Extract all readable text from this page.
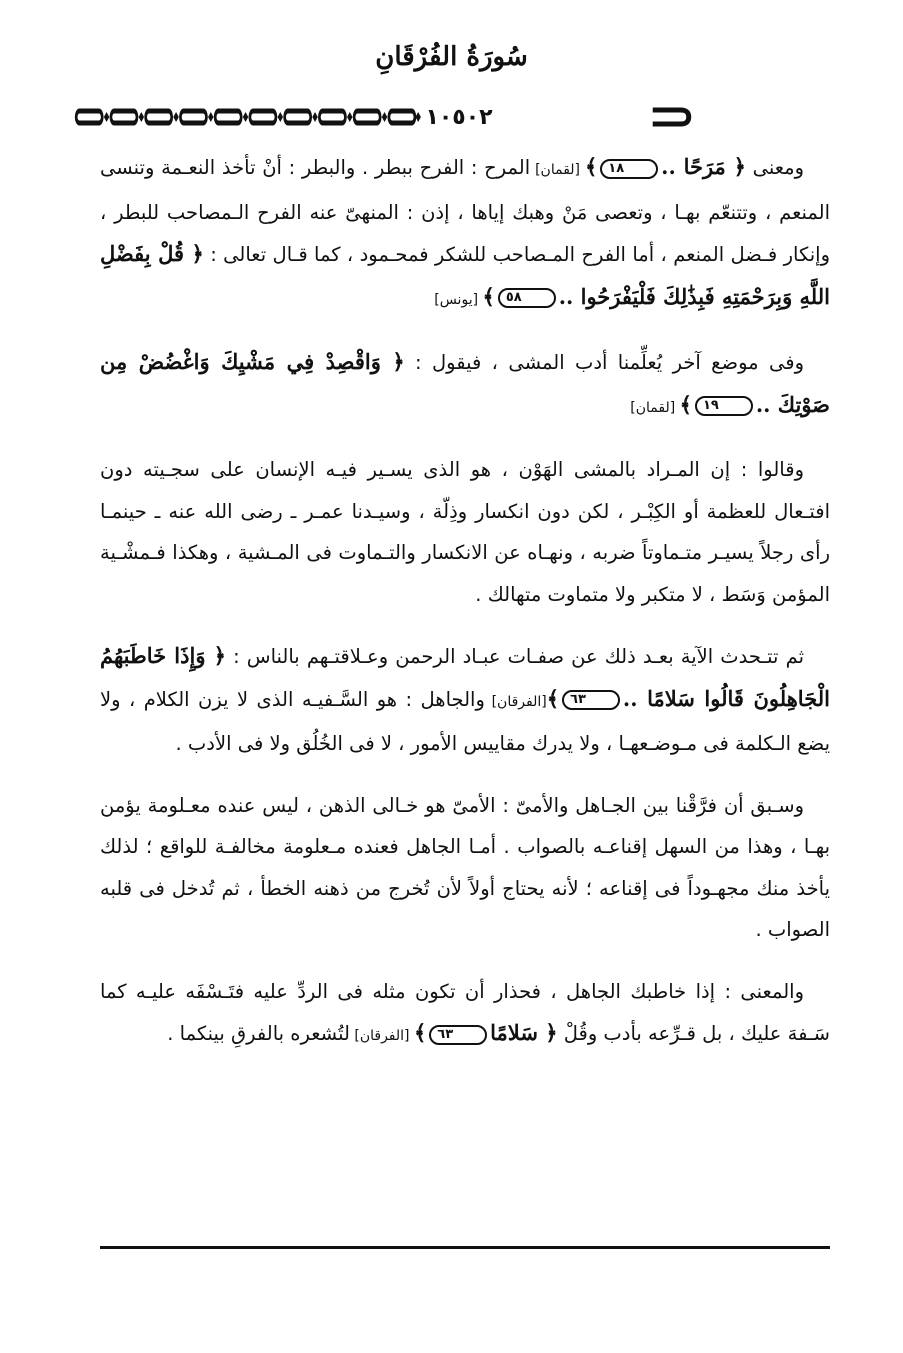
سُورَةُ الفُرْقَانِ
١٠٥٠٢

ومعنى ﴿ مَرَحًا ..١٨﴾ [لقمان] المرح : الفرح ببطر . والبطر : أنْ تأخذ النعـمة وتنسى المنعم ، وتتنعّم بهـا ، وتعصى مَنْ وهبك إياها ، إذن : المنهىّ عنه الفرح الـمصاحب للبطر ، وإنكار فـضل المنعم ، أما الفرح المـصاحب للشكر فمحـمود ، كما قـال تعالى : ﴿ قُلْ بِفَضْلِ اللَّهِ وَبِرَحْمَتِهِ فَبِذَٰلِكَ فَلْيَفْرَحُوا ..٥٨﴾ [يونس]

وفى موضع آخر يُعلِّمنا أدب المشى ، فيقول : ﴿ وَاقْصِدْ فِي مَشْيِكَ وَاغْضُضْ مِن صَوْتِكَ ..١٩﴾ [لقمان]

وقالوا : إن المـراد بالمشى الهَوْن ، هو الذى يسـير فيـه الإنسان على سجـيته دون افتـعال للعظمة أو الكِبْـر ، لكن دون انكسار وذِلّة ، وسيـدنا عمـر ـ رضى الله عنه ـ حينمـا رأى رجلاً يسيـر متـماوتاً ضربه ، ونهـاه عن الانكسار والتـماوت فى المـشية ، وهكذا فـمشْـية المؤمن وَسَط ، لا متكبر ولا متماوت متهالك .

ثم تتـحدث الآية بعـد ذلك عن صفـات عبـاد الرحمن وعـلاقتـهم بالناس : ﴿ وَإِذَا خَاطَبَهُمُ الْجَاهِلُونَ قَالُوا سَلامًا ..٦٣﴾[الفرقان] والجاهل : هو السَّـفيـه الذى لا يزن الكلام ، ولا يضع الـكلمة فى مـوضـعهـا ، ولا يدرك مقاييس الأمور ، لا فى الخُلُق ولا فى الأدب .

وسـبق أن فرَّقْنا بين الجـاهل والأمىّ : الأمىّ هو خـالى الذهن ، ليس عنده معـلومة يؤمن بهـا ، وهذا من السهل إقناعـه بالصواب . أمـا الجاهل فعنده مـعلومة مخالفـة للواقع ؛ لذلك يأخذ منك مجهـوداً فى إقناعه ؛ لأنه يحتاج أولاً لأن تُخرج من ذهنه الخطأ ، ثم تُدخل فى قلبه الصواب .

والمعنى : إذا خاطبك الجاهل ، فحذار أن تكون مثله فى الردِّ عليه فتَـسْفَه عليـه كما سَـفهَ عليك ، بل قـرِّعه بأدب وقُلْ ﴿ سَلامًا٦٣﴾ [الفرقان] لتُشعره بالفرقِ بينكما .
